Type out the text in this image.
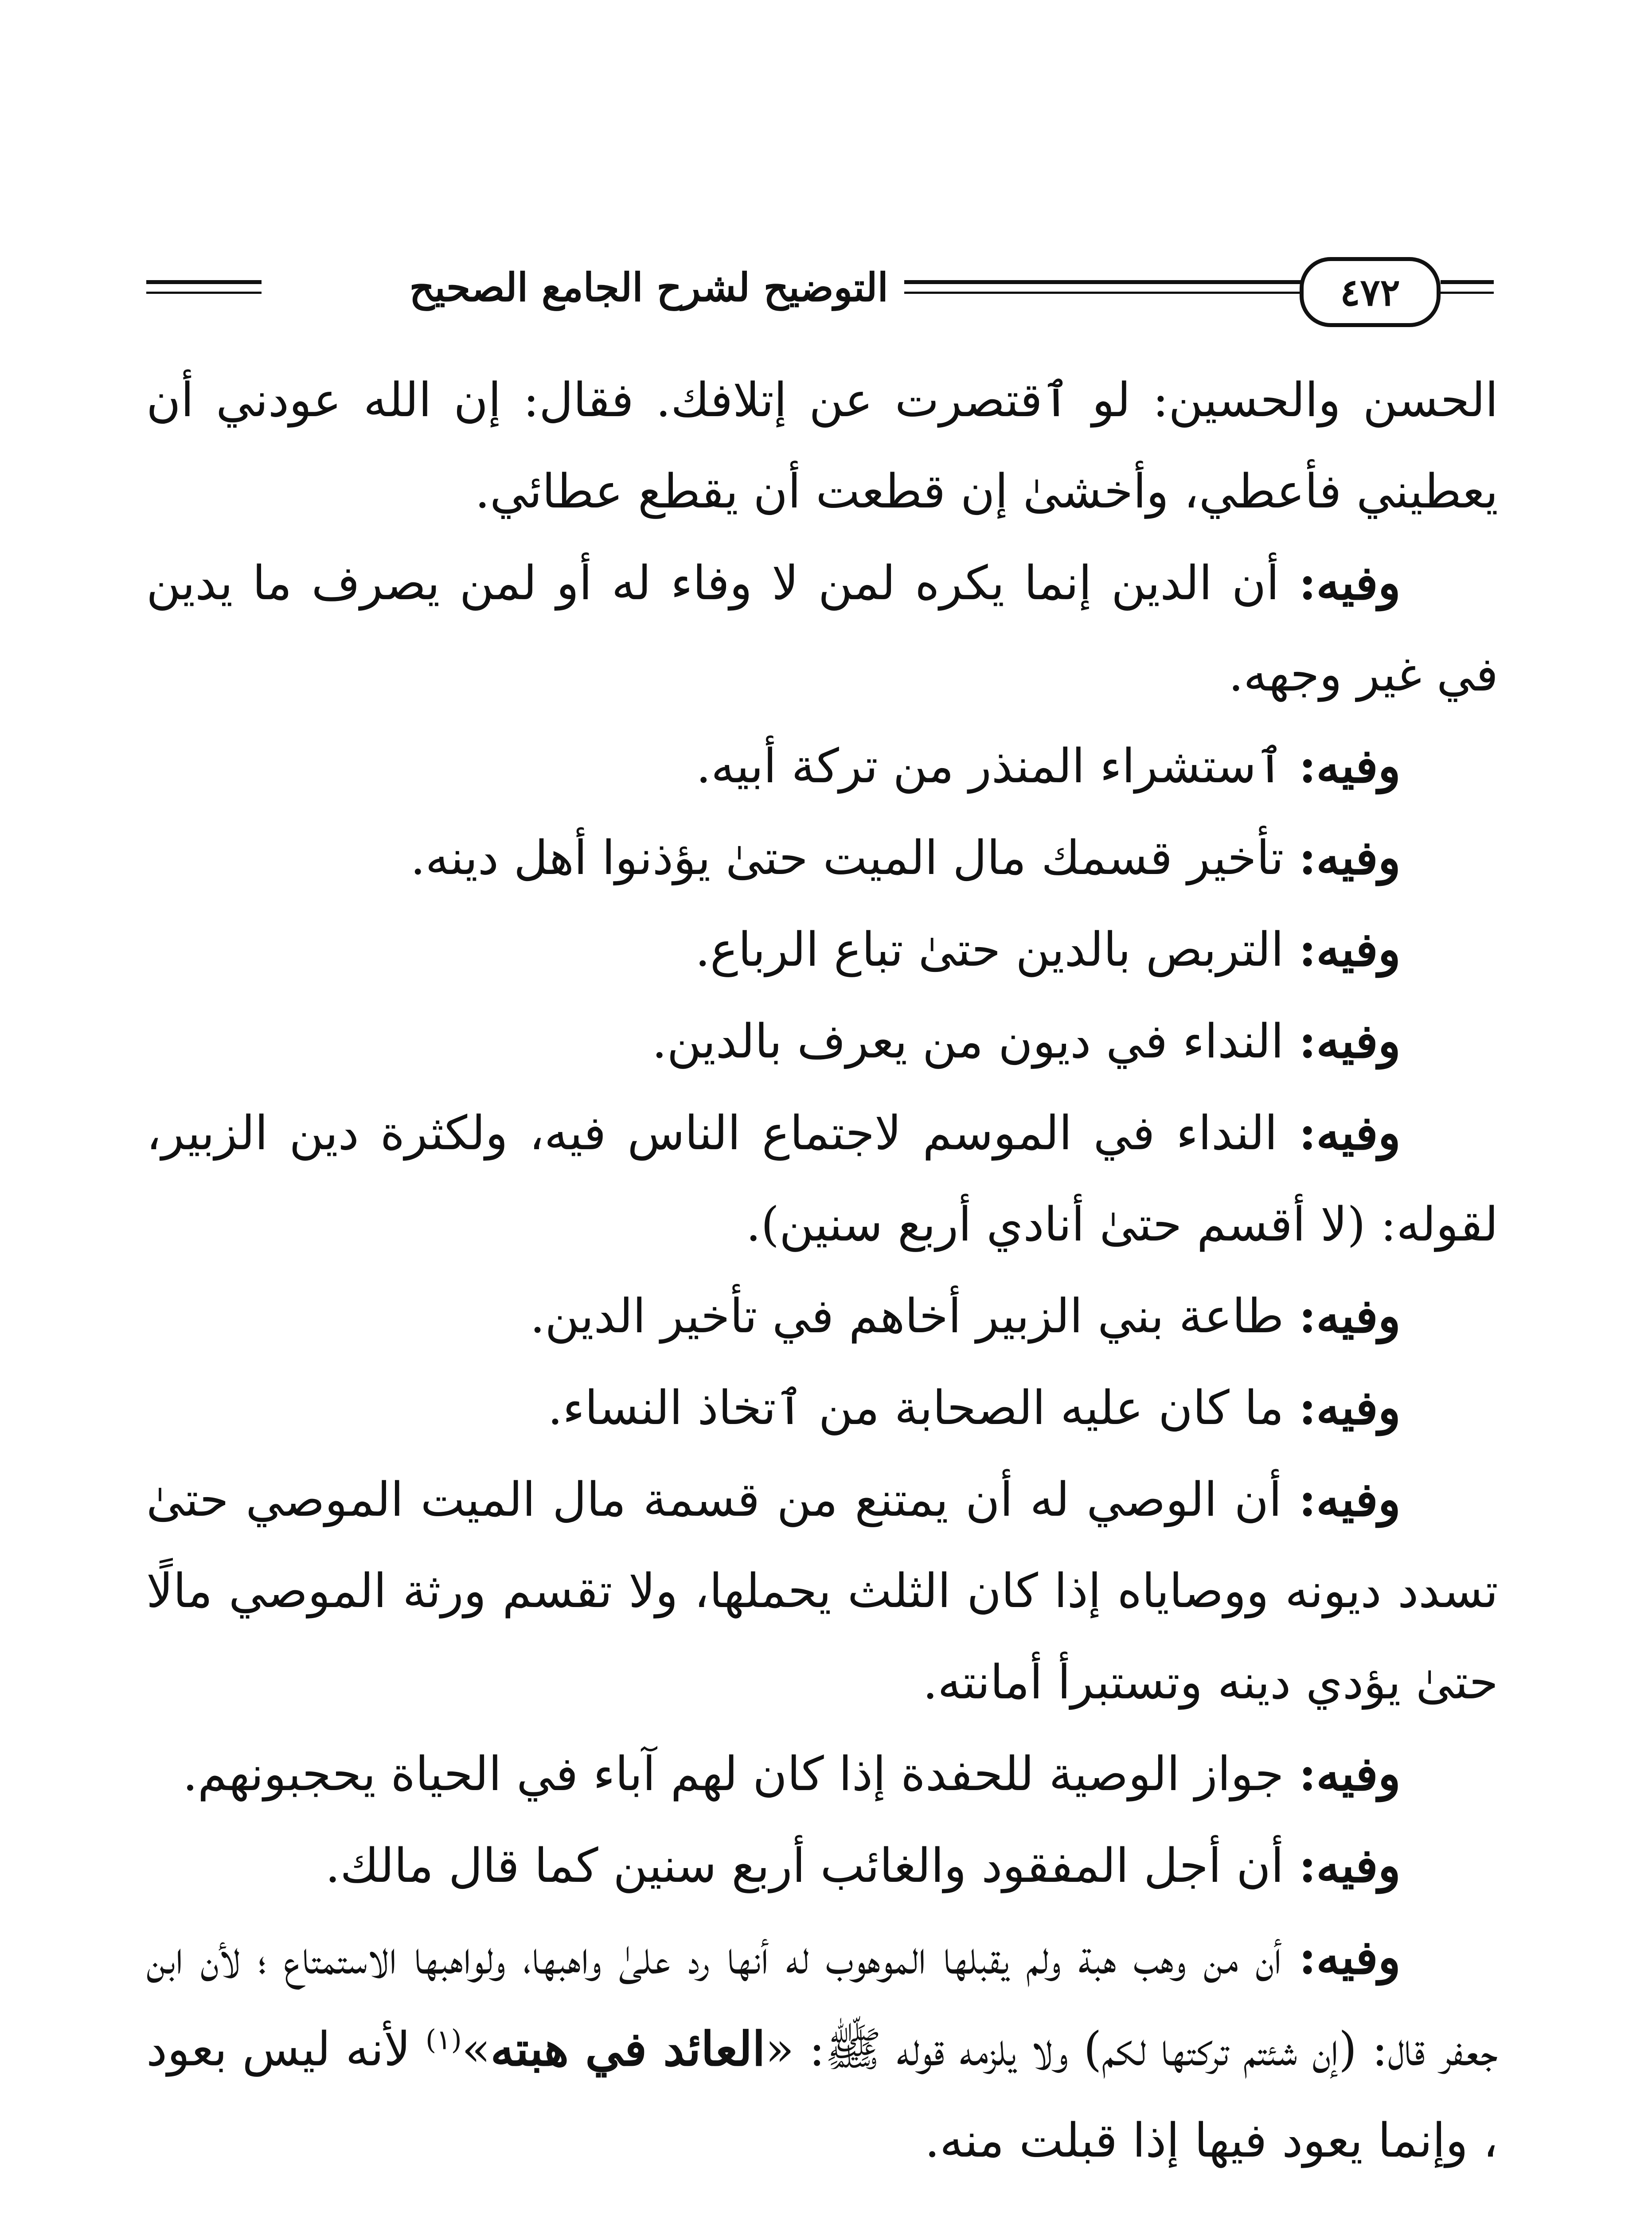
التوضيح لشرح الجامع الصحيح	٤٧٢

الحسن والحسين: لو ٱقتصرت عن إتلافك. فقال: إن الله عودني أن يعطيني فأعطي، وأخشىٰ إن قطعت أن يقطع عطائي.

وفيه: أن الدين إنما يكره لمن لا وفاء له أو لمن يصرف ما يدين في غير وجهه.

وفيه: ٱستشراء المنذر من تركة أبيه.

وفيه: تأخير قسمك مال الميت حتىٰ يؤذنوا أهل دينه.

وفيه: التربص بالدين حتىٰ تباع الرباع.

وفيه: النداء في ديون من يعرف بالدين.

وفيه: النداء في الموسم لاجتماع الناس فيه، ولكثرة دين الزبير، لقوله: (لا أقسم حتىٰ أنادي أربع سنين).

وفيه: طاعة بني الزبير أخاهم في تأخير الدين.

وفيه: ما كان عليه الصحابة من ٱتخاذ النساء.

وفيه: أن الوصي له أن يمتنع من قسمة مال الميت الموصي حتىٰ تسدد ديونه ووصاياه إذا كان الثلث يحملها، ولا تقسم ورثة الموصي مالًا حتىٰ يؤدي دينه وتستبرأ أمانته.

وفيه: جواز الوصية للحفدة إذا كان لهم آباء في الحياة يحجبونهم.

وفيه: أن أجل المفقود والغائب أربع سنين كما قال مالك.

وفيه: أن من وهب هبة ولم يقبلها الموهوب له أنها رد علىٰ واهبها، ولواهبها الاستمتاع ؛ لأن ابن جعفر قال: (إن شئتم تركتها لكم) ولا يلزمه قوله ﷺ: «العائد في هبته»$^{(١)}$ لأنه ليس بعود ، وإنما يعود فيها إذا قبلت منه.
